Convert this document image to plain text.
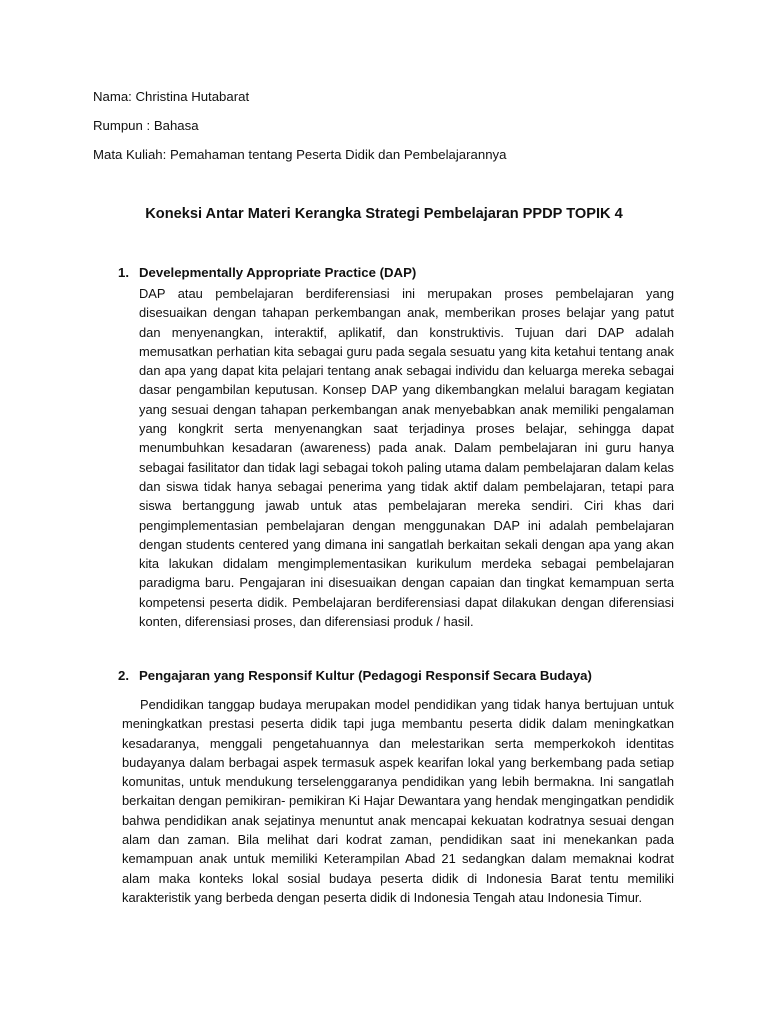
Nama: Christina Hutabarat
Rumpun : Bahasa
Mata Kuliah: Pemahaman tentang Peserta Didik dan Pembelajarannya
Koneksi Antar Materi Kerangka Strategi Pembelajaran PPDP TOPIK 4
1. Develepmentally Appropriate Practice (DAP)

DAP atau pembelajaran berdiferensiasi ini merupakan proses pembelajaran yang disesuaikan dengan tahapan perkembangan anak, memberikan proses belajar yang patut dan menyenangkan, interaktif, aplikatif, dan konstruktivis. Tujuan dari DAP adalah memusatkan perhatian kita sebagai guru pada segala sesuatu yang kita ketahui tentang anak dan apa yang dapat kita pelajari tentang anak sebagai individu dan keluarga mereka sebagai dasar pengambilan keputusan. Konsep DAP yang dikembangkan melalui baragam kegiatan yang sesuai dengan tahapan perkembangan anak menyebabkan anak memiliki pengalaman yang kongkrit serta menyenangkan saat terjadinya proses belajar, sehingga dapat menumbuhkan kesadaran (awareness) pada anak. Dalam pembelajaran ini guru hanya sebagai fasilitator dan tidak lagi sebagai tokoh paling utama dalam pembelajaran dalam kelas dan siswa tidak hanya sebagai penerima yang tidak aktif dalam pembelajaran, tetapi para siswa bertanggung jawab untuk atas pembelajaran mereka sendiri. Ciri khas dari pengimplementasian pembelajaran dengan menggunakan DAP ini adalah pembelajaran dengan students centered yang dimana ini sangatlah berkaitan sekali dengan apa yang akan kita lakukan didalam mengimplementasikan kurikulum merdeka sebagai pembelajaran paradigma baru. Pengajaran ini disesuaikan dengan capaian dan tingkat kemampuan serta kompetensi peserta didik. Pembelajaran berdiferensiasi dapat dilakukan dengan diferensiasi konten, diferensiasi proses, dan diferensiasi produk / hasil.

2. Pengajaran yang Responsif Kultur (Pedagogi Responsif Secara Budaya)

Pendidikan tanggap budaya merupakan model pendidikan yang tidak hanya bertujuan untuk meningkatkan prestasi peserta didik tapi juga membantu peserta didik dalam meningkatkan kesadaranya, menggali pengetahuannya dan melestarikan serta memperkokoh identitas budayanya dalam berbagai aspek termasuk aspek kearifan lokal yang berkembang pada setiap komunitas, untuk mendukung terselenggaranya pendidikan yang lebih bermakna. Ini sangatlah berkaitan dengan pemikiran- pemikiran Ki Hajar Dewantara yang hendak mengingatkan pendidik bahwa pendidikan anak sejatinya menuntut anak mencapai kekuatan kodratnya sesuai dengan alam dan zaman. Bila melihat dari kodrat zaman, pendidikan saat ini menekankan pada kemampuan anak untuk memiliki Keterampilan Abad 21 sedangkan dalam memaknai kodrat alam maka konteks lokal sosial budaya peserta didik di Indonesia Barat tentu memiliki karakteristik yang berbeda dengan peserta didik di Indonesia Tengah atau Indonesia Timur.
